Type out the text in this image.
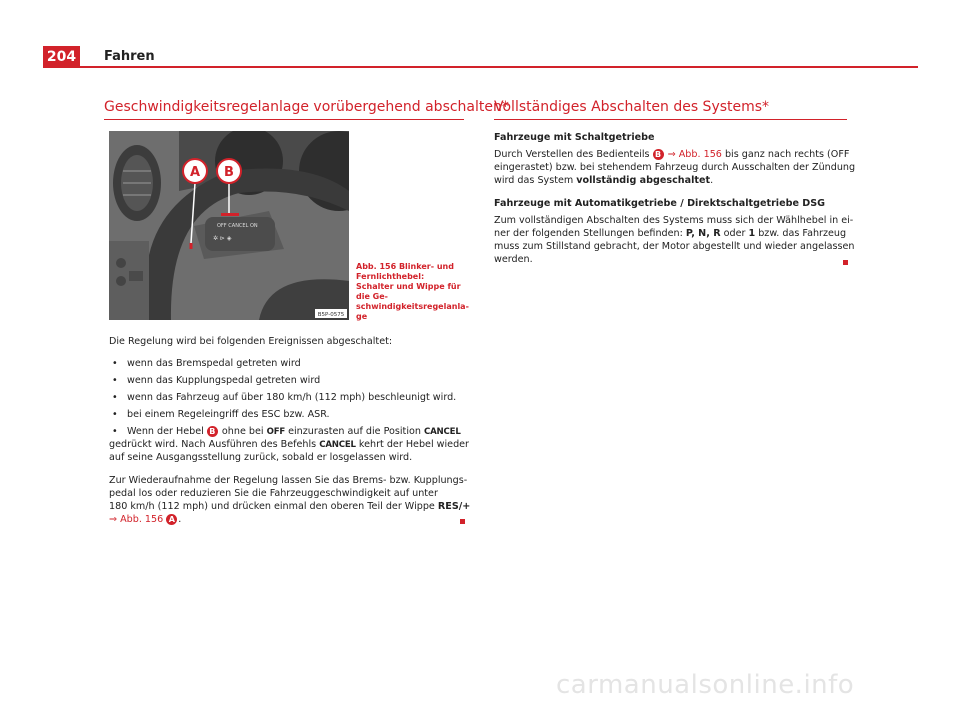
204 Fahren
Geschwindigkeitsregelanlage vorübergehend abschalten*
OFF CANCEL ON
✲ ⊳ ◈
A B
B5P-0575
Abb. 156 Blinker- und Fernlichthebel: Schalter und Wippe für die Geschwindigkeitsregelanlage
Die Regelung wird bei folgenden Ereignissen abgeschaltet:
• wenn das Bremspedal getreten wird
• wenn das Kupplungspedal getreten wird
• wenn das Fahrzeug auf über 180 km/h (112 mph) beschleunigt wird.
• bei einem Regeleingriff des ESC bzw. ASR.
• Wenn der Hebel B ohne bei OFF einzurasten auf die Position CANCEL
gedrückt wird. Nach Ausführen des Befehls CANCEL kehrt der Hebel wieder
auf seine Ausgangsstellung zurück, sobald er losgelassen wird.
Zur Wiederaufnahme der Regelung lassen Sie das Brems- bzw. Kupplungs-
pedal los oder reduzieren Sie die Fahrzeuggeschwindigkeit auf unter
180 km/h (112 mph) und drücken einmal den oberen Teil der Wippe RES/+
⇒ Abb. 156 A .
Vollständiges Abschalten des Systems*
Fahrzeuge mit Schaltgetriebe
Durch Verstellen des Bedienteils B ⇒ Abb. 156 bis ganz nach rechts (OFF
eingerastet) bzw. bei stehendem Fahrzeug durch Ausschalten der Zündung
wird das System vollständig abgeschaltet.
Fahrzeuge mit Automatikgetriebe / Direktschaltgetriebe DSG
Zum vollständigen Abschalten des Systems muss sich der Wählhebel in ei-
ner der folgenden Stellungen befinden: P, N, R oder 1 bzw. das Fahrzeug
muss zum Stillstand gebracht, der Motor abgestellt und wieder angelassen
werden.
carmanualsonline.info
